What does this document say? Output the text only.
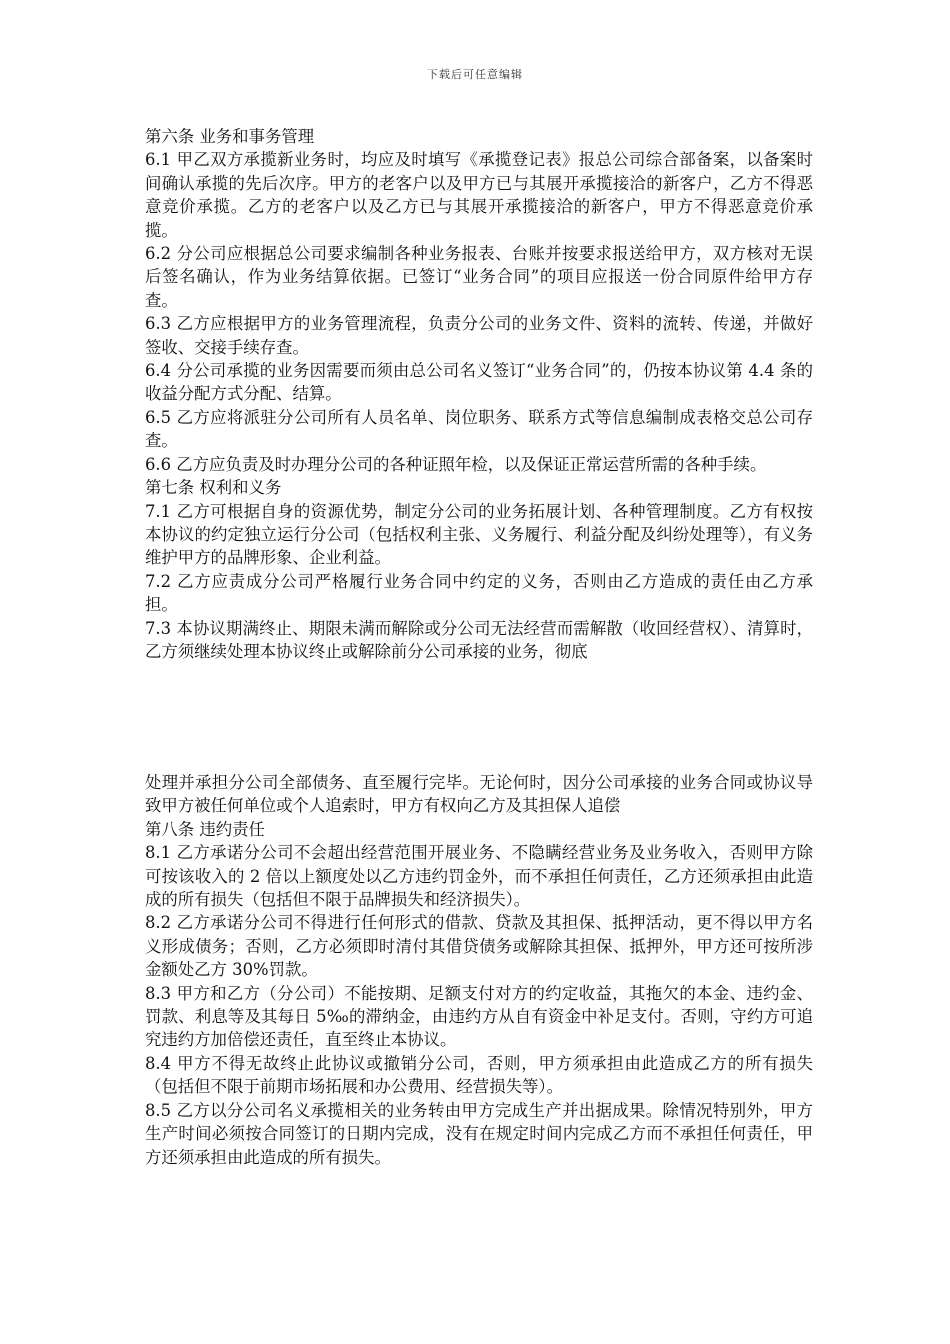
下载后可任意编辑

第六条 业务和事务管理

6.1 甲乙双方承揽新业务时，均应及时填写《承揽登记表》报总公司综合部备案，以备案时间确认承揽的先后次序。甲方的老客户以及甲方已与其展开承揽接洽的新客户，乙方不得恶意竞价承揽。乙方的老客户以及乙方已与其展开承揽接洽的新客户，甲方不得恶意竞价承揽。

6.2 分公司应根据总公司要求编制各种业务报表、台账并按要求报送给甲方，双方核对无误后签名确认，作为业务结算依据。已签订“业务合同”的项目应报送一份合同原件给甲方存查。

6.3 乙方应根据甲方的业务管理流程，负责分公司的业务文件、资料的流转、传递，并做好签收、交接手续存查。

6.4 分公司承揽的业务因需要而须由总公司名义签订“业务合同”的，仍按本协议第 4.4 条的收益分配方式分配、结算。

6.5 乙方应将派驻分公司所有人员名单、岗位职务、联系方式等信息编制成表格交总公司存查。

6.6 乙方应负责及时办理分公司的各种证照年检，以及保证正常运营所需的各种手续。

第七条 权利和义务

7.1 乙方可根据自身的资源优势，制定分公司的业务拓展计划、各种管理制度。乙方有权按本协议的约定独立运行分公司（包括权利主张、义务履行、利益分配及纠纷处理等），有义务维护甲方的品牌形象、企业利益。

7.2 乙方应责成分公司严格履行业务合同中约定的义务，否则由乙方造成的责任由乙方承担。

7.3 本协议期满终止、期限未满而解除或分公司无法经营而需解散（收回经营权）、清算时，乙方须继续处理本协议终止或解除前分公司承接的业务，彻底

处理并承担分公司全部债务、直至履行完毕。无论何时，因分公司承接的业务合同或协议导致甲方被任何单位或个人追索时，甲方有权向乙方及其担保人追偿

第八条 违约责任

8.1 乙方承诺分公司不会超出经营范围开展业务、不隐瞒经营业务及业务收入，否则甲方除可按该收入的 2 倍以上额度处以乙方违约罚金外，而不承担任何责任，乙方还须承担由此造成的所有损失（包括但不限于品牌损失和经济损失）。

8.2 乙方承诺分公司不得进行任何形式的借款、贷款及其担保、抵押活动，更不得以甲方名义形成债务；否则，乙方必须即时清付其借贷债务或解除其担保、抵押外，甲方还可按所涉金额处乙方 30%罚款。

8.3 甲方和乙方（分公司）不能按期、足额支付对方的约定收益，其拖欠的本金、违约金、罚款、利息等及其每日 5‰的滞纳金，由违约方从自有资金中补足支付。否则，守约方可追究违约方加倍偿还责任，直至终止本协议。

8.4 甲方不得无故终止此协议或撤销分公司，否则，甲方须承担由此造成乙方的所有损失（包括但不限于前期市场拓展和办公费用、经营损失等）。

8.5 乙方以分公司名义承揽相关的业务转由甲方完成生产并出据成果。除情况特别外，甲方生产时间必须按合同签订的日期内完成，没有在规定时间内完成乙方而不承担任何责任，甲方还须承担由此造成的所有损失。
